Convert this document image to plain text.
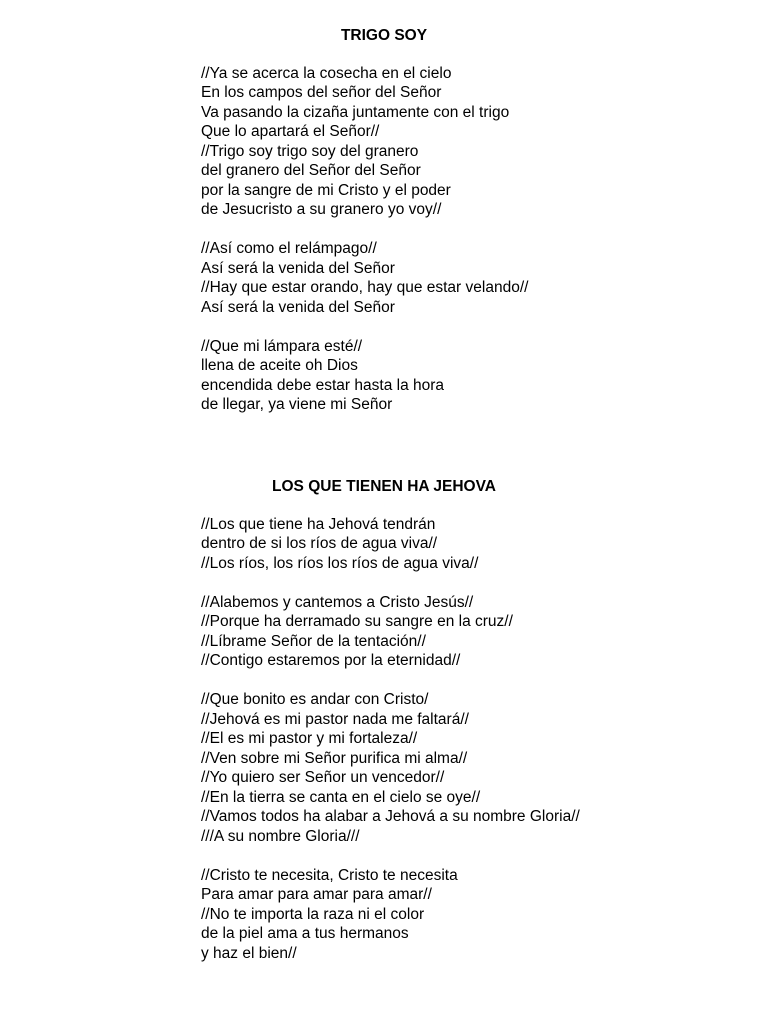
TRIGO SOY
//Ya se acerca la cosecha en el cielo
En los campos del señor del Señor
Va pasando la cizaña juntamente con el trigo
Que lo apartará el Señor//
//Trigo soy trigo soy del granero
del granero del Señor del Señor
por la sangre de mi Cristo y el poder
de Jesucristo a su granero yo voy//
//Así como el relámpago//
Así será la venida del Señor
//Hay que estar orando, hay que estar velando//
Así será la venida del Señor
//Que mi lámpara esté//
llena de aceite oh Dios
encendida debe estar hasta la hora
de llegar, ya viene mi Señor
LOS QUE TIENEN HA JEHOVA
//Los que tiene ha Jehová tendrán
dentro de si los ríos de agua viva//
//Los ríos, los ríos los ríos de agua viva//
//Alabemos y cantemos a Cristo Jesús//
//Porque ha derramado su sangre en la cruz//
//Líbrame Señor de la tentación//
//Contigo estaremos por la eternidad//
//Que bonito es andar con Cristo/
//Jehová es mi pastor nada me faltará//
//El es mi pastor y mi fortaleza//
//Ven sobre mi Señor purifica mi alma//
//Yo quiero ser Señor un vencedor//
//En la tierra se canta en el cielo se oye//
//Vamos todos ha alabar a Jehová a su nombre Gloria//
///A su nombre Gloria///
//Cristo te necesita, Cristo te necesita
Para amar para amar para amar//
//No te importa la raza ni el color
de la piel ama a tus hermanos
y haz el bien//
